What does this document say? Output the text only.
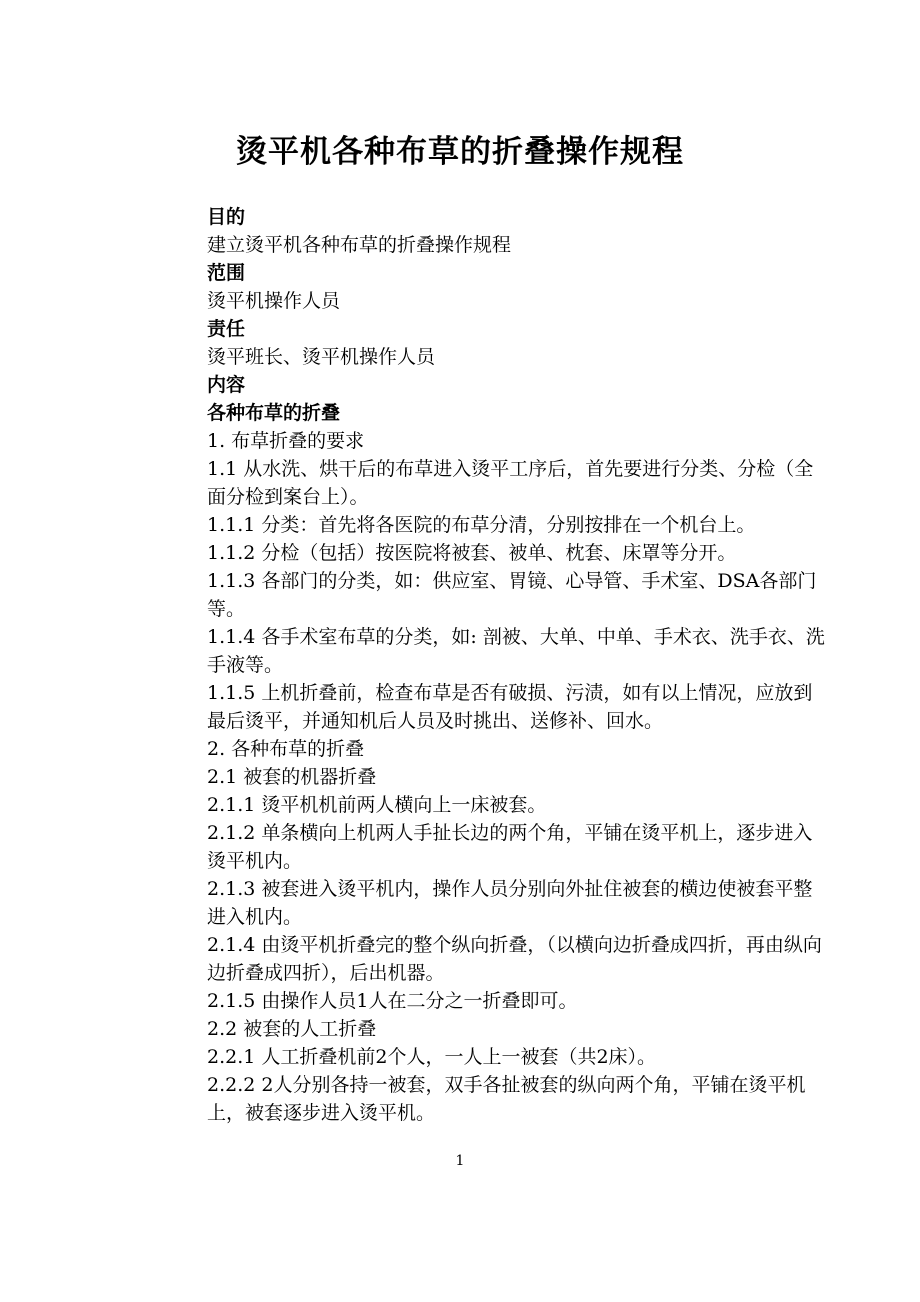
烫平机各种布草的折叠操作规程

目的

建立烫平机各种布草的折叠操作规程

范围

烫平机操作人员

责任

烫平班长、烫平机操作人员

内容

各种布草的折叠

1. 布草折叠的要求

1.1 从水洗、烘干后的布草进入烫平工序后，首先要进行分类、分检（全面分检到案台上）。

1.1.1 分类：首先将各医院的布草分清，分别按排在一个机台上。

1.1.2 分检（包括）按医院将被套、被单、枕套、床罩等分开。

1.1.3 各部门的分类，如：供应室、胃镜、心导管、手术室、DSA各部门等。

1.1.4 各手术室布草的分类，如: 剖被、大单、中单、手术衣、洗手衣、洗手液等。

1.1.5 上机折叠前，检查布草是否有破损、污渍，如有以上情况，应放到最后烫平，并通知机后人员及时挑出、送修补、回水。

2. 各种布草的折叠

2.1 被套的机器折叠

2.1.1 烫平机机前两人横向上一床被套。

2.1.2 单条横向上机两人手扯长边的两个角，平铺在烫平机上，逐步进入烫平机内。

2.1.3 被套进入烫平机内，操作人员分别向外扯住被套的横边使被套平整进入机内。

2.1.4 由烫平机折叠完的整个纵向折叠，（以横向边折叠成四折，再由纵向边折叠成四折），后出机器。

2.1.5 由操作人员1人在二分之一折叠即可。

2.2 被套的人工折叠

2.2.1 人工折叠机前2个人，一人上一被套（共2床）。

2.2.2 2人分别各持一被套，双手各扯被套的纵向两个角，平铺在烫平机上，被套逐步进入烫平机。

1
